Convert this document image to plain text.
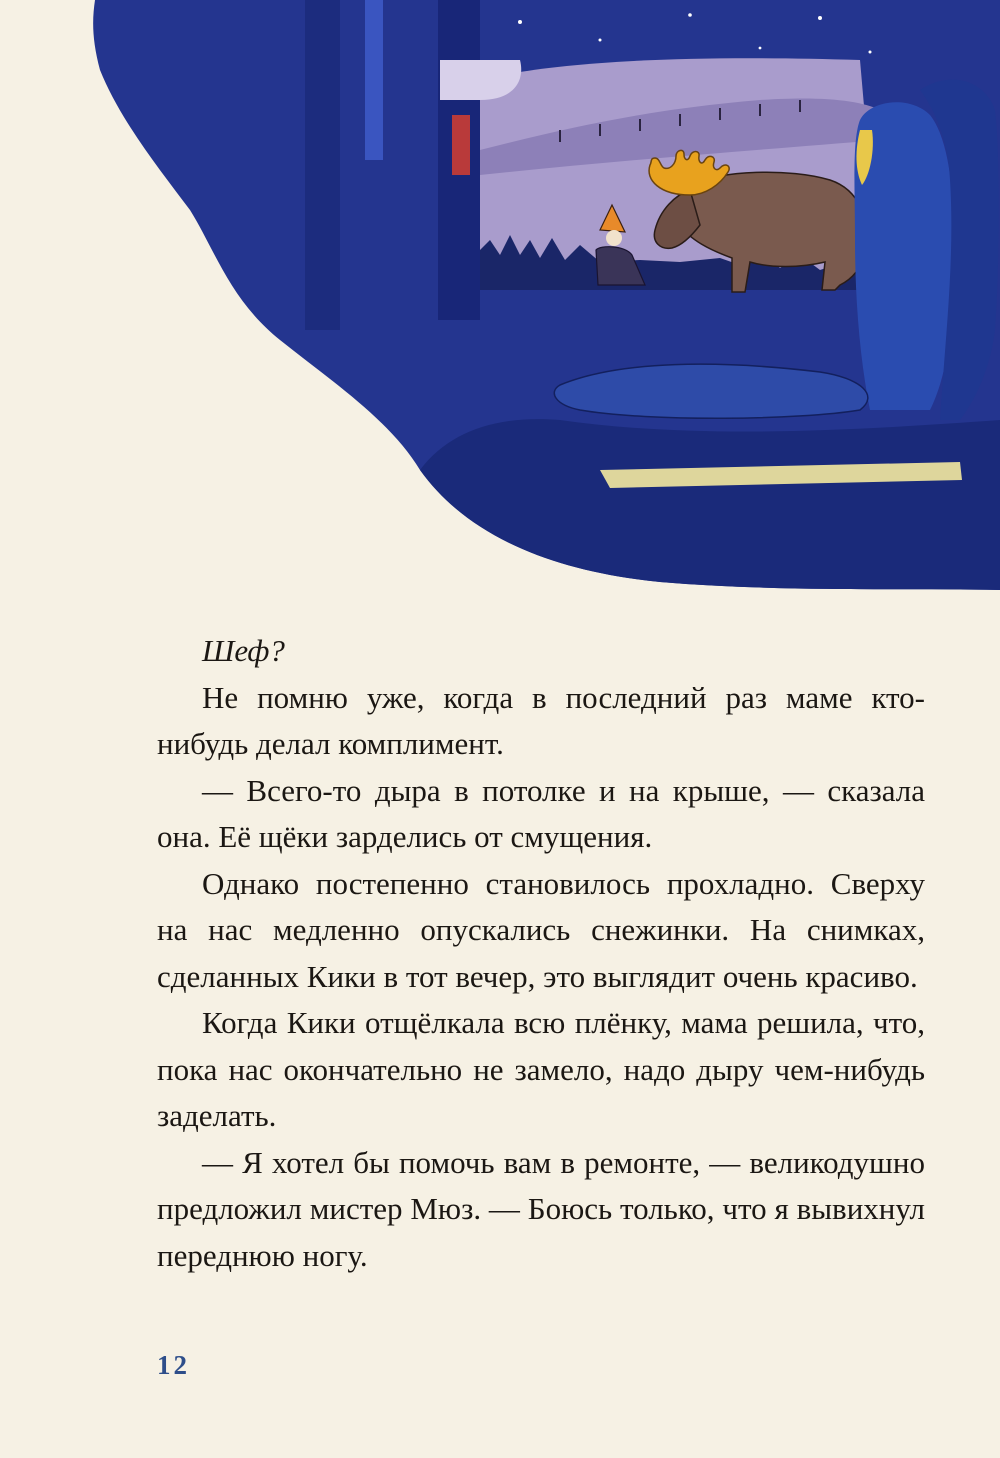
Шеф?

Не помню уже, когда в последний раз маме кто-нибудь делал комплимент.

— Всего-то дыра в потолке и на крыше, — сказала она. Её щёки зарделись от смущения.

Однако постепенно становилось прохладно. Сверху на нас медленно опускались снежинки. На снимках, сделанных Кики в тот вечер, это выглядит очень красиво.

Когда Кики отщёлкала всю плёнку, мама решила, что, пока нас окончательно не замело, надо дыру чем-нибудь заделать.

— Я хотел бы помочь вам в ремонте, — великодушно предложил мистер Мюз. — Боюсь только, что я вывихнул переднюю ногу.

12
